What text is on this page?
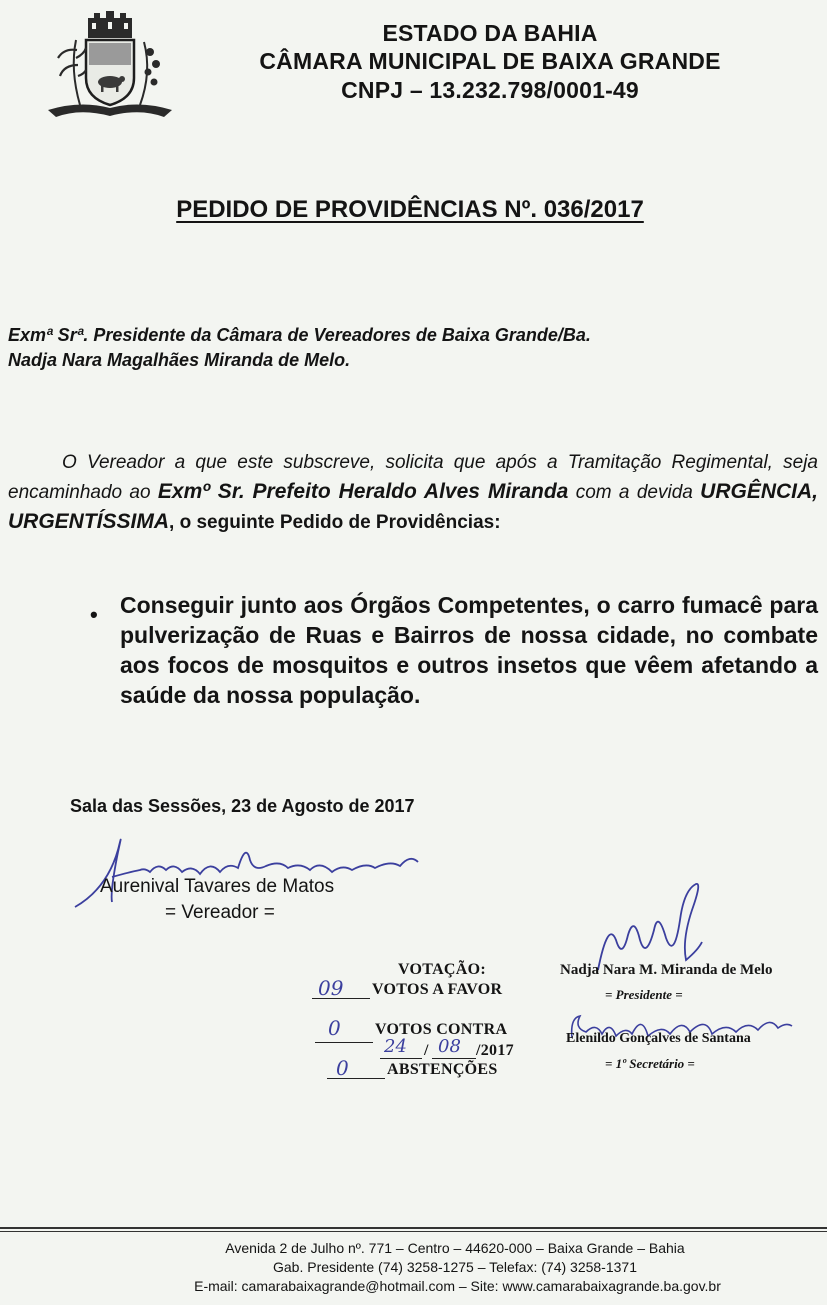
ESTADO DA BAHIA
CÂMARA MUNICIPAL DE BAIXA GRANDE
CNPJ – 13.232.798/0001-49
PEDIDO DE PROVIDÊNCIAS Nº. 036/2017
Exmª Srª. Presidente da Câmara de Vereadores de Baixa Grande/Ba.
Nadja Nara Magalhães Miranda de Melo.
O Vereador a que este subscreve, solicita que após a Tramitação Regimental, seja encaminhado ao Exmº Sr. Prefeito Heraldo Alves Miranda com a devida URGÊNCIA, URGENTÍSSIMA, o seguinte Pedido de Providências:
• Conseguir junto aos Órgãos Competentes, o carro fumacê para pulverização de Ruas e Bairros de nossa cidade, no combate aos focos de mosquitos e outros insetos que vêem afetando a saúde da nossa população.
Sala das Sessões, 23 de Agosto de 2017
Aurenival Tavares de Matos
= Vereador =
VOTAÇÃO:
09 VOTOS A FAVOR
0 VOTOS CONTRA
24 / 08 /2017
0 ABSTENÇÕES
Nadja Nara M. Miranda de Melo
= Presidente =
Elenildo Gonçalves de Santana
= 1º Secretário =
Avenida 2 de Julho nº. 771 – Centro – 44620-000 – Baixa Grande – Bahia
Gab. Presidente (74) 3258-1275 – Telefax: (74) 3258-1371
E-mail: camarabaixagrande@hotmail.com – Site: www.camarabaixagrande.ba.gov.br
